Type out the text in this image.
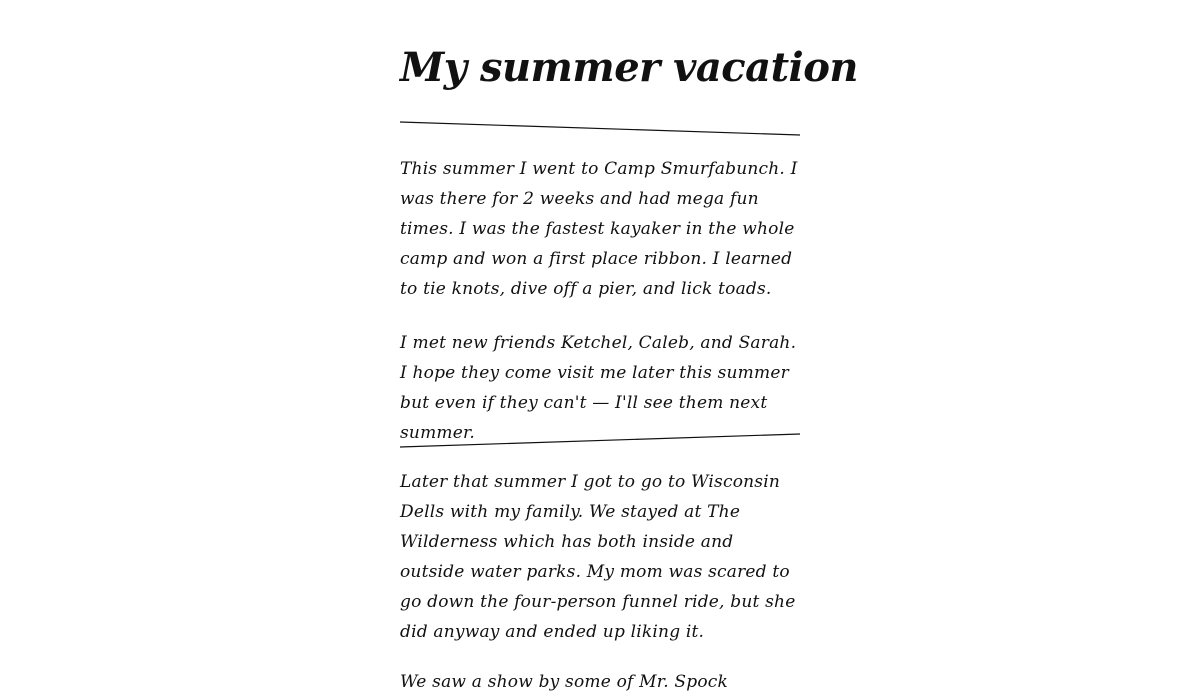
My summer vacation

This summer I went to Camp Smurfabunch. I was there for 2 weeks and had mega fun times. I was the fastest kayaker in the whole camp and won a first place ribbon. I learned to tie knots, dive off a pier, and lick toads.

I met new friends Ketchel, Caleb, and Sarah. I hope they come visit me later this summer but even if they can't — I'll see them next summer.

Later that summer I got to go to Wisconsin Dells with my family. We stayed at The Wilderness which has both inside and outside water parks. My mom was scared to go down the four-person funnel ride, but she did anyway and ended up liking it.

We saw a show by some of Mr. Spock
